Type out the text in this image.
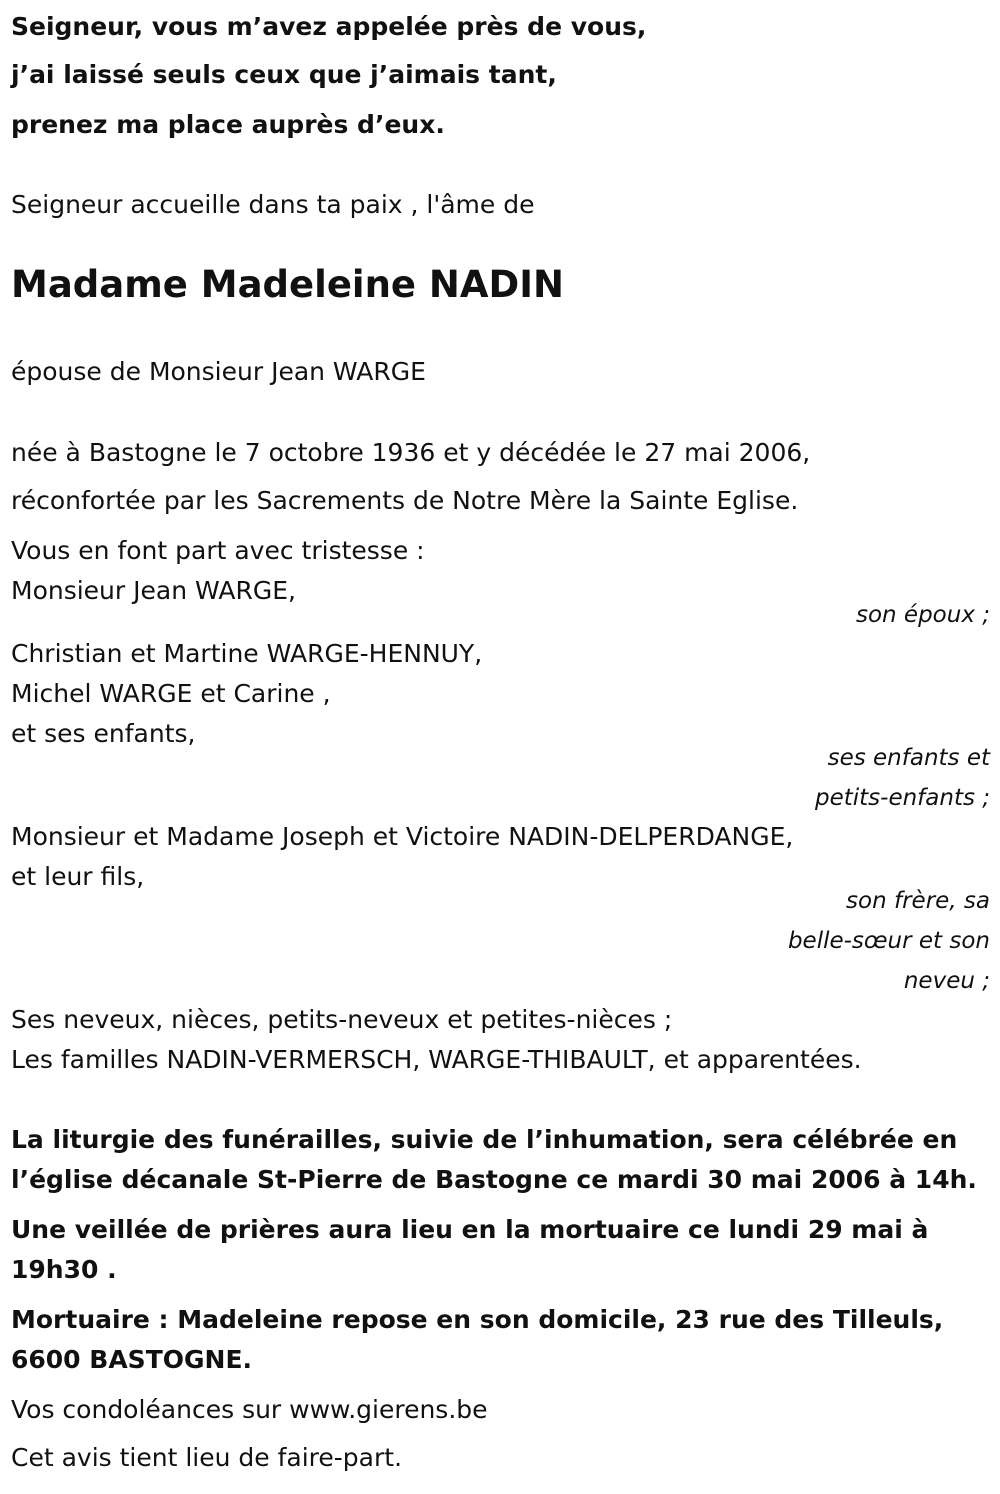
Seigneur, vous m’avez appelée près de vous,

j’ai laissé seuls ceux que j’aimais tant,

prenez ma place auprès d’eux.

Seigneur accueille dans ta paix , l'âme de

Madame Madeleine NADIN

épouse de Monsieur Jean WARGE

née à Bastogne le 7 octobre 1936 et y décédée le 27 mai 2006,

réconfortée par les Sacrements de Notre Mère la Sainte Eglise.

Vous en font part avec tristesse :

Monsieur Jean WARGE,

son époux ;

Christian et Martine WARGE-HENNUY,

Michel WARGE et Carine ,

et ses enfants,

ses enfants et

petits-enfants ;

Monsieur et Madame Joseph et Victoire NADIN-DELPERDANGE,

et leur fils,

son frère, sa

belle-sœur et son

neveu ;

Ses neveux, nièces, petits-neveux et petites-nièces ;

Les familles NADIN-VERMERSCH, WARGE-THIBAULT, et apparentées.

La liturgie des funérailles, suivie de l’inhumation, sera célébrée en

l’église décanale St-Pierre de Bastogne ce mardi 30 mai 2006 à 14h.

Une veillée de prières aura lieu en la mortuaire ce lundi 29 mai à

19h30 .

Mortuaire : Madeleine repose en son domicile, 23 rue des Tilleuls,

6600 BASTOGNE.

Vos condoléances sur www.gierens.be

Cet avis tient lieu de faire-part.
